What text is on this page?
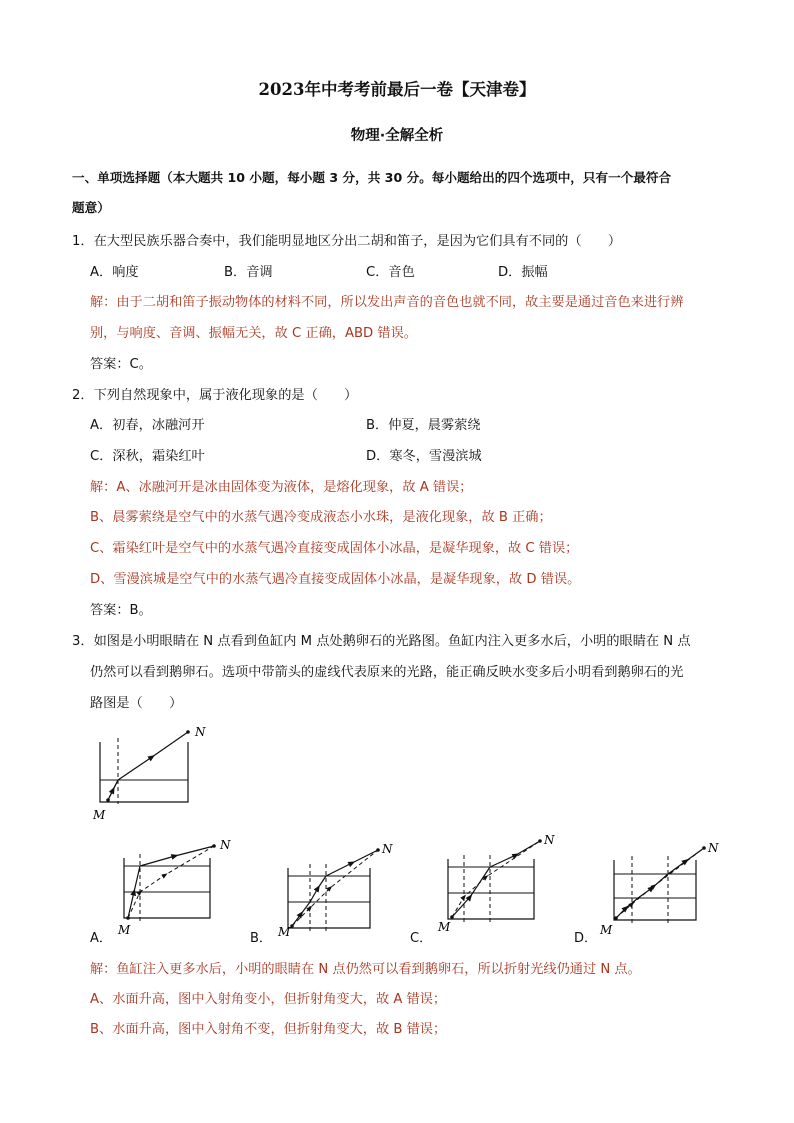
2023年中考考前最后一卷【天津卷】
物理·全解全析
一、单项选择题（本大题共 10 小题，每小题 3 分，共 30 分。每小题给出的四个选项中，只有一个最符合
题意）
1．在大型民族乐器合奏中，我们能明显地区分出二胡和笛子，是因为它们具有不同的（　　）
A．响度	B．音调	C．音色	D．振幅
解：由于二胡和笛子振动物体的材料不同，所以发出声音的音色也就不同，故主要是通过音色来进行辨
别，与响度、音调、振幅无关，故 C 正确，ABD 错误。
答案：C。
2．下列自然现象中，属于液化现象的是（　　）
A．初春，冰融河开	B．仲夏，晨雾萦绕
C．深秋，霜染红叶	D．寒冬，雪漫滨城
解：A、冰融河开是冰由固体变为液体，是熔化现象，故 A 错误；
B、晨雾萦绕是空气中的水蒸气遇冷变成液态小水珠，是液化现象，故 B 正确；
C、霜染红叶是空气中的水蒸气遇冷直接变成固体小冰晶，是凝华现象，故 C 错误；
D、雪漫滨城是空气中的水蒸气遇冷直接变成固体小冰晶，是凝华现象，故 D 错误。
答案：B。
3．如图是小明眼睛在 N 点看到鱼缸内 M 点处鹅卵石的光路图。鱼缸内注入更多水后，小明的眼睛在 N 点
仍然可以看到鹅卵石。选项中带箭头的虚线代表原来的光路，能正确反映水变多后小明看到鹅卵石的光
路图是（　　）
N
M
A．
N
M
B．
N
M	C．
N
M
D．
N
M
解：鱼缸注入更多水后，小明的眼睛在 N 点仍然可以看到鹅卵石，所以折射光线仍通过 N 点。
A、水面升高，图中入射角变小，但折射角变大，故 A 错误；
B、水面升高，图中入射角不变，但折射角变大，故 B 错误；
